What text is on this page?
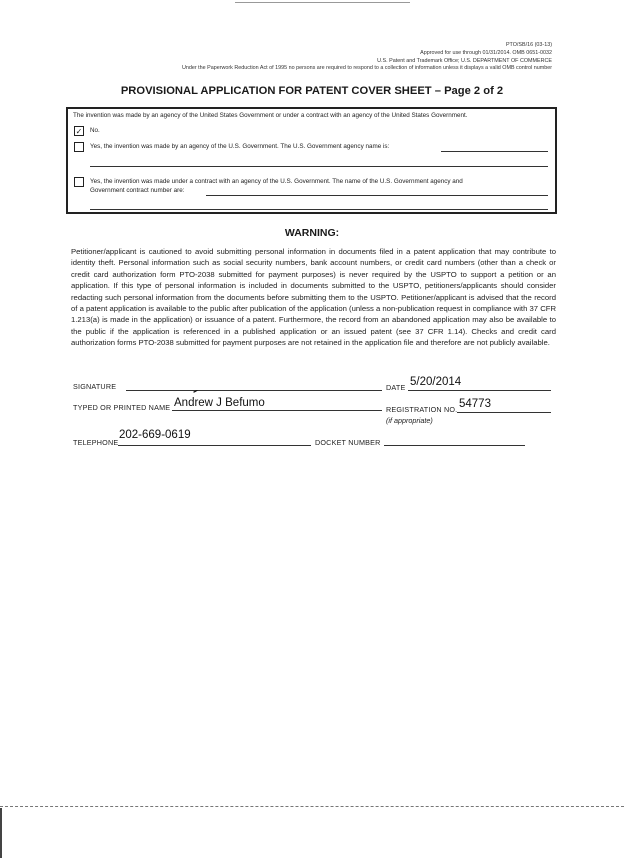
PTO/SB/16 (03-13)
Approved for use through 01/31/2014. OMB 0651-0032
U.S. Patent and Trademark Office; U.S. DEPARTMENT OF COMMERCE
Under the Paperwork Reduction Act of 1995 no persons are required to respond to a collection of information unless it displays a valid OMB control number
PROVISIONAL APPLICATION FOR PATENT COVER SHEET – Page 2 of 2
The invention was made by an agency of the United States Government or under a contract with an agency of the United States Government.
✓ No.
Yes, the invention was made by an agency of the U.S. Government. The U.S. Government agency name is:
Yes, the invention was made under a contract with an agency of the U.S. Government. The name of the U.S. Government agency and
Government contract number are:
WARNING:
Petitioner/applicant is cautioned to avoid submitting personal information in documents filed in a patent application that may contribute to identity theft. Personal information such as social security numbers, bank account numbers, or credit card numbers (other than a check or credit card authorization form PTO-2038 submitted for payment purposes) is never required by the USPTO to support a petition or an application. If this type of personal information is included in documents submitted to the USPTO, petitioners/applicants should consider redacting such personal information from the documents before submitting them to the USPTO. Petitioner/applicant is advised that the record of a patent application is available to the public after publication of the application (unless a non-publication request in compliance with 37 CFR 1.213(a) is made in the application) or issuance of a patent. Furthermore, the record from an abandoned application may also be available to the public if the application is referenced in a published application or an issued patent (see 37 CFR 1.14). Checks and credit card authorization forms PTO-2038 submitted for payment purposes are not retained in the application file and therefore are not publicly available.
SIGNATURE	DATE 5/20/2014
TYPED OR PRINTED NAME Andrew J Befumo
REGISTRATION NO. 54773
(if appropriate)
TELEPHONE
202-669-0619
DOCKET NUMBER
